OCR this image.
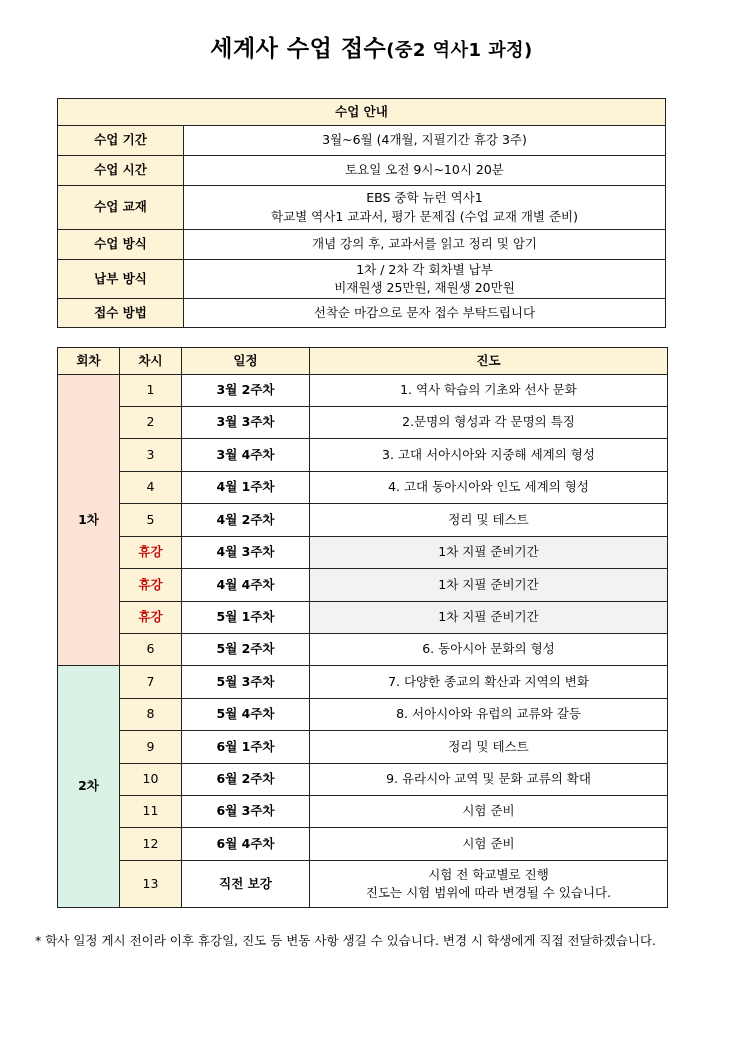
세계사 수업 접수(중2 역사1 과정)
수업 안내	
수업 기간	3월~6월 (4개월, 지필기간 휴강 3주)

수업 시간	토요일 오전 9시~10시 20분

수업 교재	EBS 중학 뉴런 역사1
학교별 역사1 교과서, 평가 문제집 (수업 교재 개별 준비)

수업 방식	개념 강의 후, 교과서를 읽고 정리 및 암기

납부 방식	1차 / 2차 각 회차별 납부
비재원생 25만원, 재원생 20만원

접수 방법	선착순 마감으로 문자 접수 부탁드립니다
회차	차시	일정	진도
1차	1	3월 2주차	1. 역사 학습의 기초와 선사 문화
	2	3월 3주차	2.문명의 형성과 각 문명의 특징
	3	3월 4주차	3. 고대 서아시아와 지중해 세계의 형성
	4	4월 1주차	4. 고대 동아시아와 인도 세계의 형성
	5	4월 2주차	정리 및 테스트
	휴강	4월 3주차	1차 지필 준비기간
	휴강	4월 4주차	1차 지필 준비기간
	휴강	5월 1주차	1차 지필 준비기간
	6	5월 2주차	6. 동아시아 문화의 형성
2차	7	5월 3주차	7. 다양한 종교의 확산과 지역의 변화
	8	5월 4주차	8. 서아시아와 유럽의 교류와 갈등
	9	6월 1주차	정리 및 테스트
	10	6월 2주차	9. 유라시아 교역 및 문화 교류의 확대
	11	6월 3주차	시험 준비
	12	6월 4주차	시험 준비
	13	직전 보강	시험 전 학교별로 진행
진도는 시험 범위에 따라 변경될 수 있습니다.
* 학사 일정 게시 전이라 이후 휴강일, 진도 등 변동 사항 생길 수 있습니다. 변경 시 학생에게 직접 전달하겠습니다.
